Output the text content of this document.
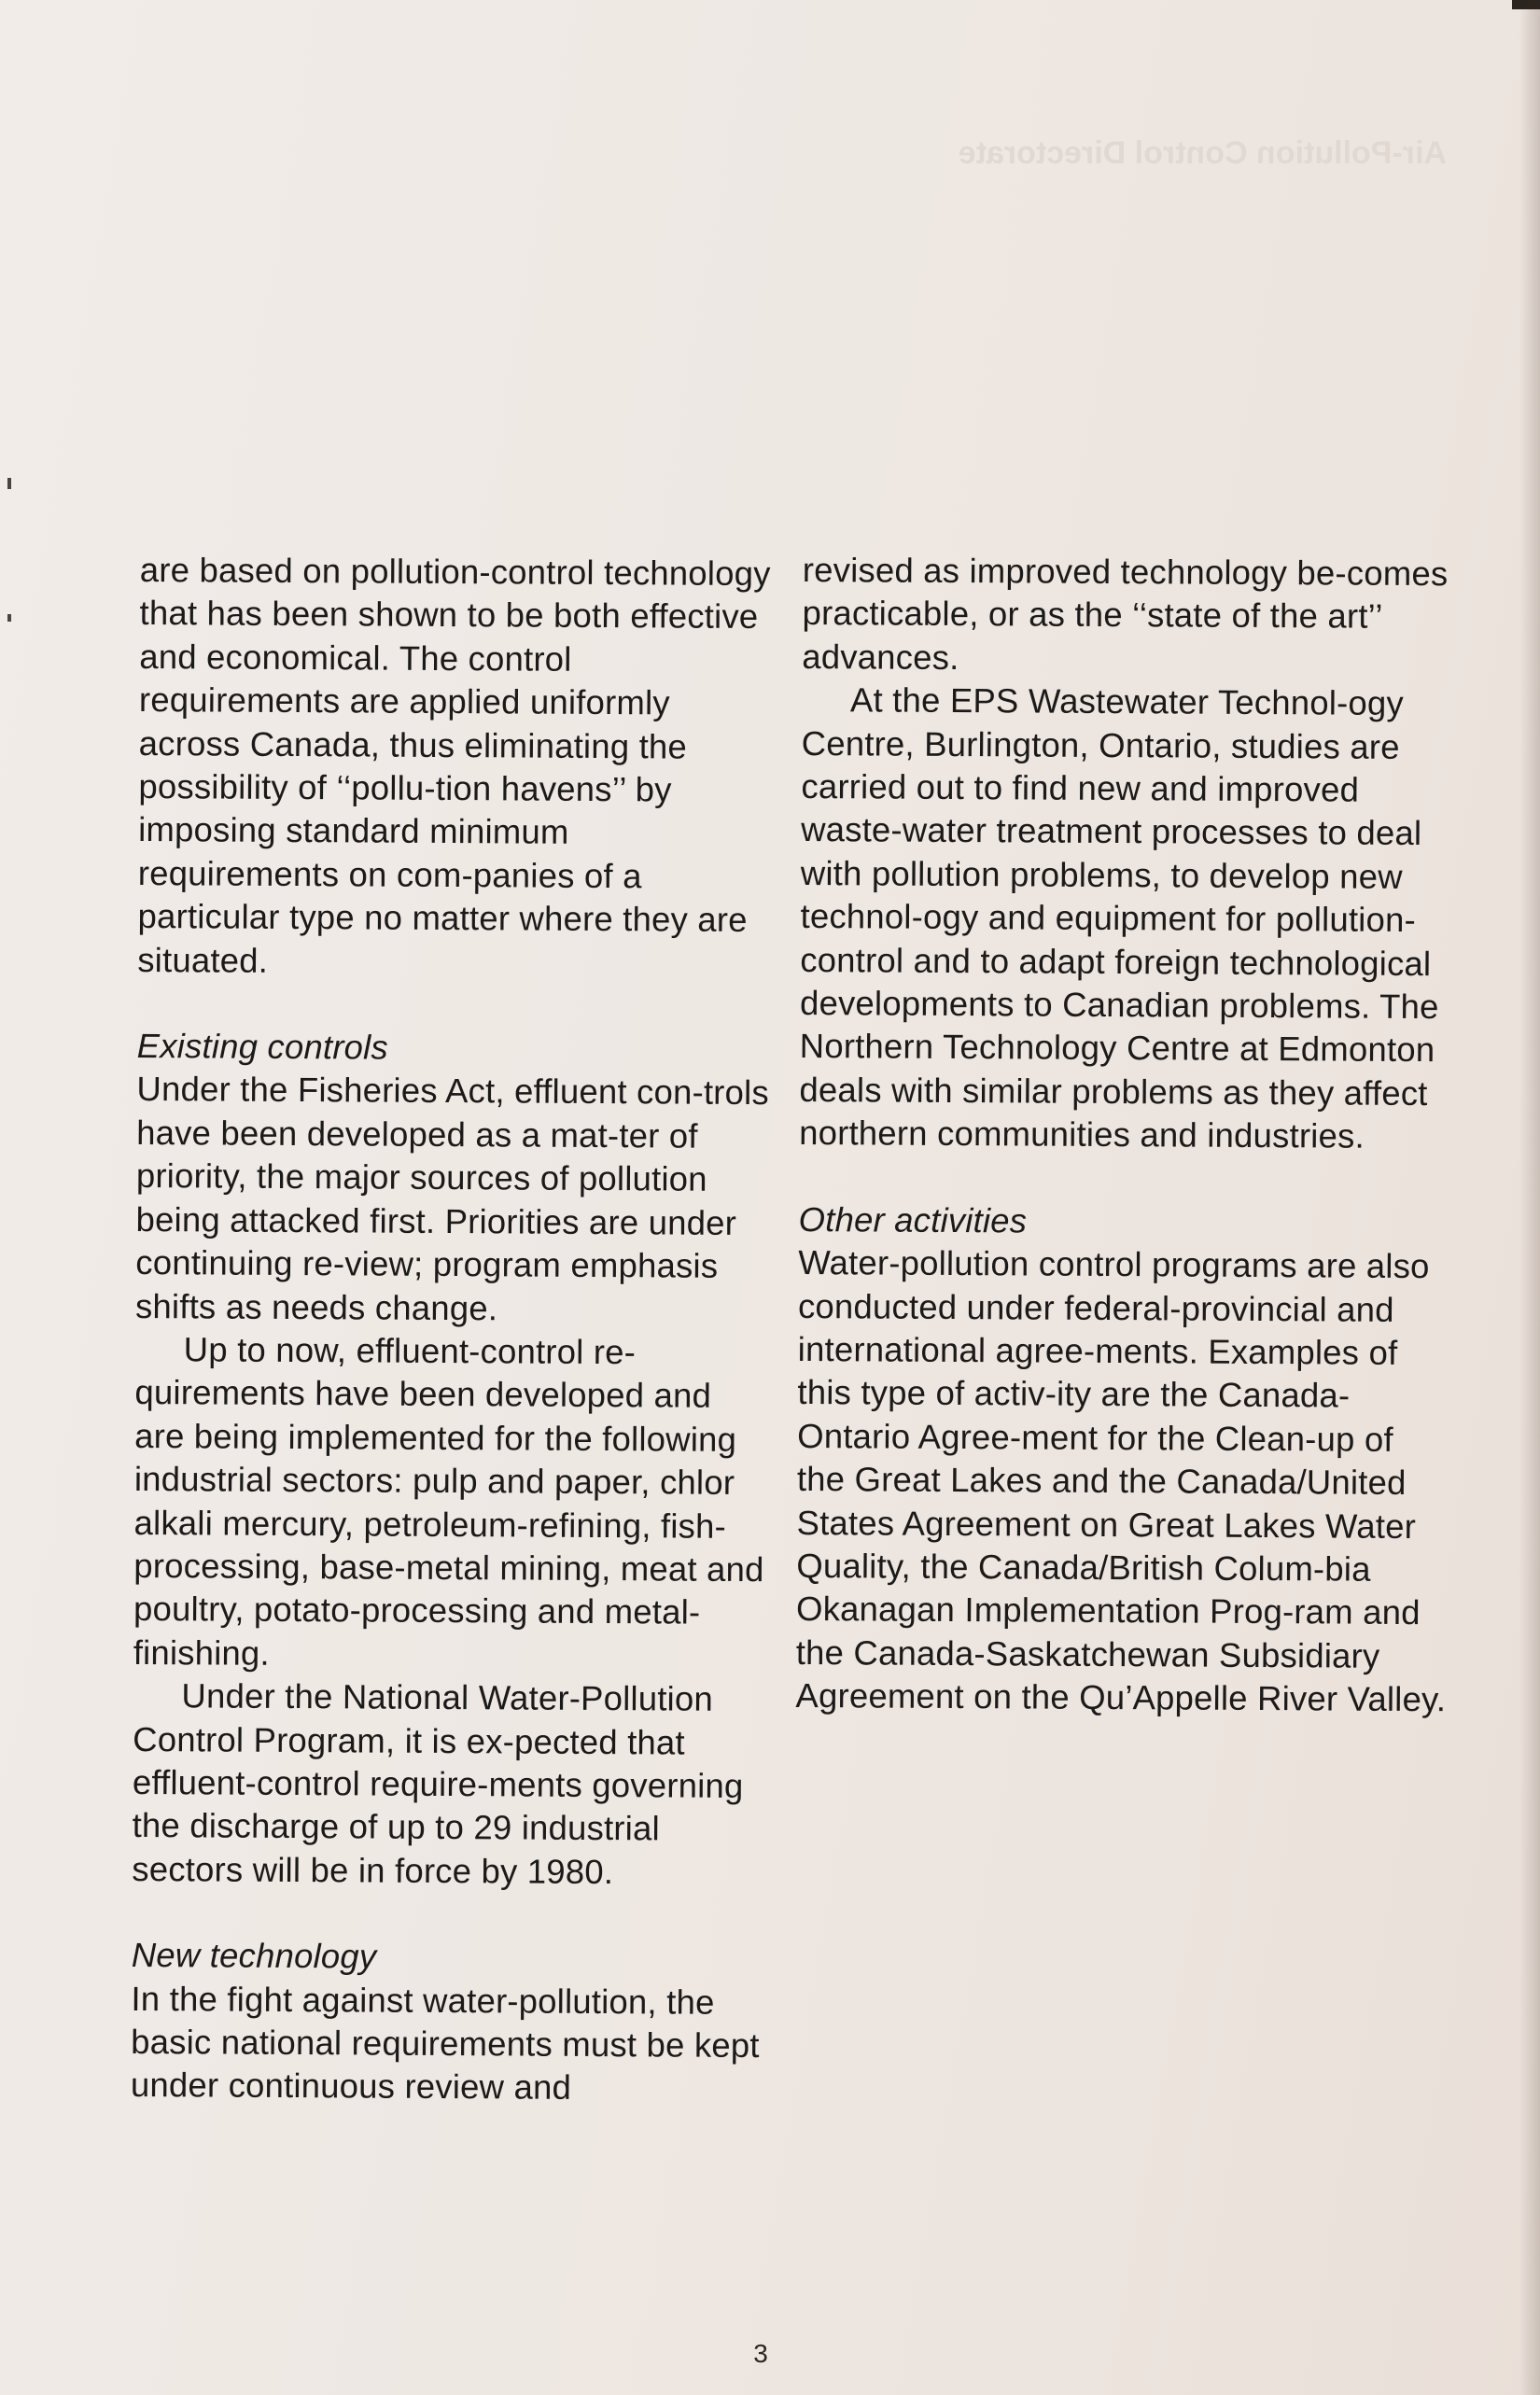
Air-Pollution Control Directorate

are based on pollution-control technology that has been shown to be both effective and economical. The control requirements are applied uniformly across Canada, thus eliminating the possibility of ‘‘pollu-tion havens’’ by imposing standard minimum requirements on com-panies of a particular type no matter where they are situated.

Existing controls

Under the Fisheries Act, effluent con-trols have been developed as a mat-ter of priority, the major sources of pollution being attacked first. Priorities are under continuing re-view; program emphasis shifts as needs change.

Up to now, effluent-control re-quirements have been developed and are being implemented for the following industrial sectors: pulp and paper, chlor alkali mercury, petroleum-refining, fish-processing, base-metal mining, meat and poultry, potato-processing and metal-finishing.

Under the National Water-Pollution Control Program, it is ex-pected that effluent-control require-ments governing the discharge of up to 29 industrial sectors will be in force by 1980.

New technology

In the fight against water-pollution, the basic national requirements must be kept under continuous review and

revised as improved technology be-comes practicable, or as the ‘‘state of the art’’ advances.

At the EPS Wastewater Technol-ogy Centre, Burlington, Ontario, studies are carried out to find new and improved waste-water treatment processes to deal with pollution problems, to develop new technol-ogy and equipment for pollution-control and to adapt foreign technological developments to Canadian problems. The Northern Technology Centre at Edmonton deals with similar problems as they affect northern communities and industries.

Other activities

Water-pollution control programs are also conducted under federal-provincial and international agree-ments. Examples of this type of activ-ity are the Canada-Ontario Agree-ment for the Clean-up of the Great Lakes and the Canada/United States Agreement on Great Lakes Water Quality, the Canada/British Colum-bia Okanagan Implementation Prog-ram and the Canada-Saskatchewan Subsidiary Agreement on the Qu’Appelle River Valley.

3
